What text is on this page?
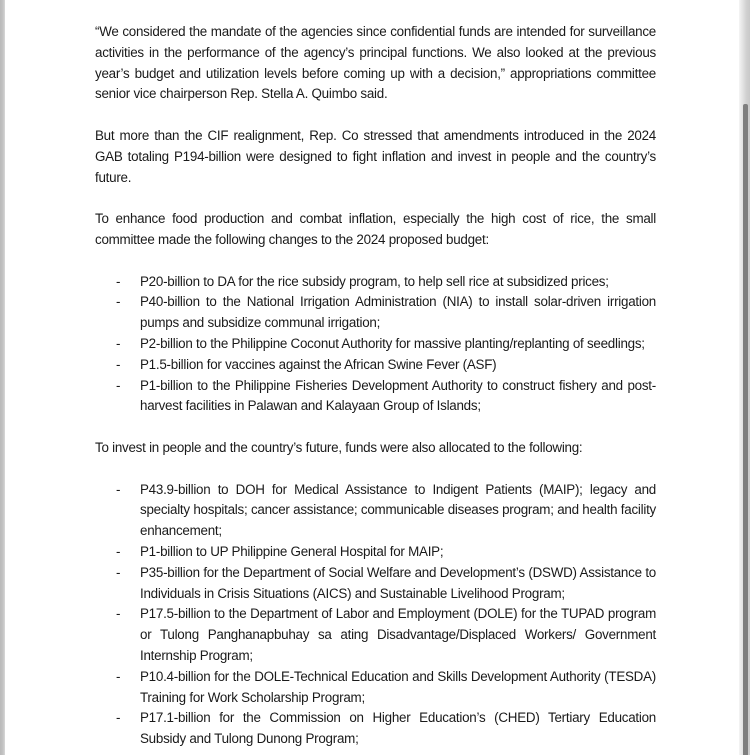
“We considered the mandate of the agencies since confidential funds are intended for surveillance activities in the performance of the agency’s principal functions. We also looked at the previous year’s budget and utilization levels before coming up with a decision,” appropriations committee senior vice chairperson Rep. Stella A. Quimbo said.

But more than the CIF realignment, Rep. Co stressed that amendments introduced in the 2024 GAB totaling P194-billion were designed to fight inflation and invest in people and the country’s future.

To enhance food production and combat inflation, especially the high cost of rice, the small committee made the following changes to the 2024 proposed budget:

- P20-billion to DA for the rice subsidy program, to help sell rice at subsidized prices;
- P40-billion to the National Irrigation Administration (NIA) to install solar-driven irrigation pumps and subsidize communal irrigation;
- P2-billion to the Philippine Coconut Authority for massive planting/replanting of seedlings;
- P1.5-billion for vaccines against the African Swine Fever (ASF)
- P1-billion to the Philippine Fisheries Development Authority to construct fishery and post-harvest facilities in Palawan and Kalayaan Group of Islands;

To invest in people and the country’s future, funds were also allocated to the following:

- P43.9-billion to DOH for Medical Assistance to Indigent Patients (MAIP); legacy and specialty hospitals; cancer assistance; communicable diseases program; and health facility enhancement;
- P1-billion to UP Philippine General Hospital for MAIP;
- P35-billion for the Department of Social Welfare and Development’s (DSWD) Assistance to Individuals in Crisis Situations (AICS) and Sustainable Livelihood Program;
- P17.5-billion to the Department of Labor and Employment (DOLE) for the TUPAD program or Tulong Panghanapbuhay sa ating Disadvantage/Displaced Workers/ Government Internship Program;
- P10.4-billion for the DOLE-Technical Education and Skills Development Authority (TESDA) Training for Work Scholarship Program;
- P17.1-billion for the Commission on Higher Education’s (CHED) Tertiary Education Subsidy and Tulong Dunong Program;
